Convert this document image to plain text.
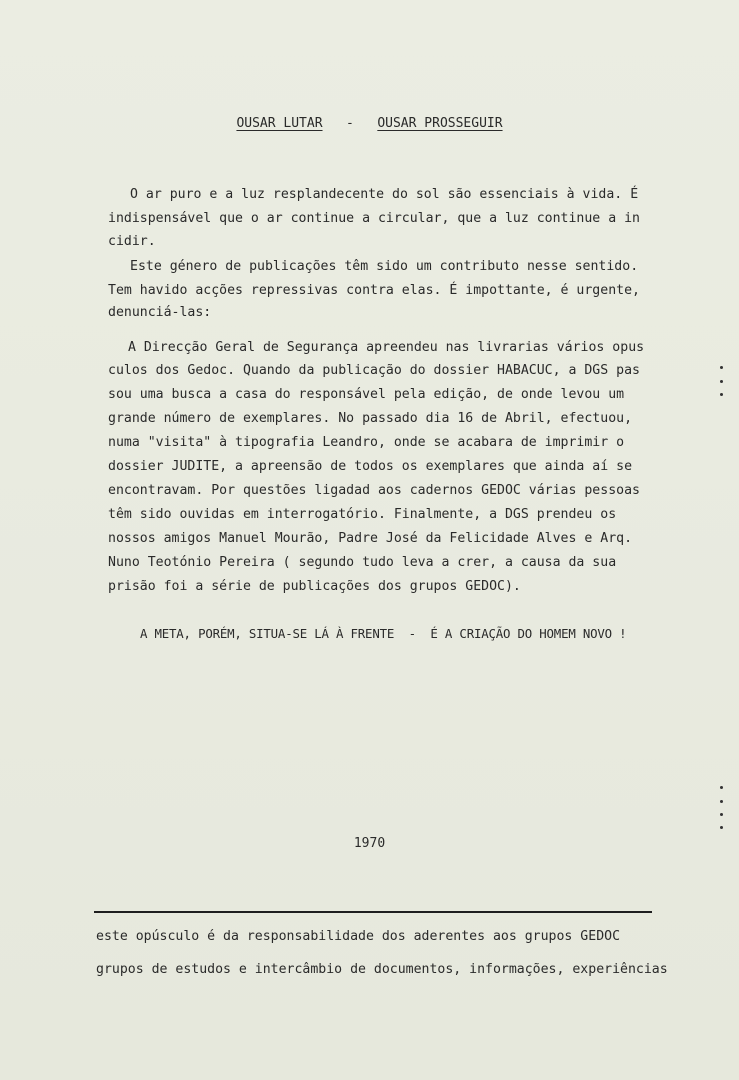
OUSAR LUTAR - OUSAR PROSSEGUIR
O ar puro e a luz resplandecente do sol são essenciais à vida. É
indispensável que o ar continue a circular, que a luz continue a in
cidir.
Este género de publicações têm sido um contributo nesse sentido.
Tem havido acções repressivas contra elas. É impottante, é urgente,
denunciá-las:
A Direcção Geral de Segurança apreendeu nas livrarias vários opus
culos dos Gedoc. Quando da publicação do dossier HABACUC, a DGS pas
sou uma busca a casa do responsável pela edição, de onde levou um
grande número de exemplares. No passado dia 16 de Abril, efectuou,
numa "visita" à tipografia Leandro, onde se acabara de imprimir o
dossier JUDITE, a apreensão de todos os exemplares que ainda aí se
encontravam. Por questões ligadad aos cadernos GEDOC várias pessoas
têm sido ouvidas em interrogatório. Finalmente, a DGS prendeu os
nossos amigos Manuel Mourão, Padre José da Felicidade Alves e Arq.
Nuno Teotónio Pereira ( segundo tudo leva a crer, a causa da sua
prisão foi a série de publicações dos grupos GEDOC).
A META, PORÉM, SITUA-SE LÁ À FRENTE  -  É A CRIAÇÃO DO HOMEM NOVO !
1970
este opúsculo é da responsabilidade dos aderentes aos grupos GEDOC
grupos de estudos e intercâmbio de documentos, informações, experiências
